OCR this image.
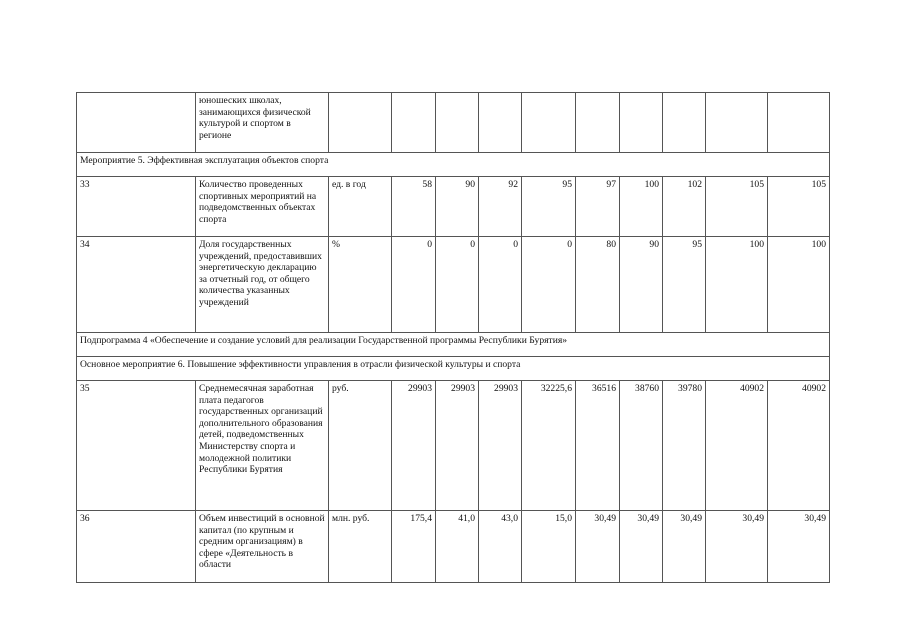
	юношеских школах, занимающихся физической культурой и спортом в регионе										
Мероприятие 5. Эффективная эксплуатация объектов спорта											
33	Количество проведенных спортивных мероприятий на подведомственных объектах спорта	ед. в год	58	90	92	95	97	100	102	105	105
34	Доля государственных учреждений, предоставивших энергетическую декларацию за отчетный год, от общего количества указанных учреждений	%	0	0	0	0	80	90	95	100	100
Подпрограмма 4 «Обеспечение и создание условий для реализации Государственной программы Республики Бурятия»											
Основное мероприятие 6. Повышение эффективности управления в отрасли физической культуры и спорта											
35	Среднемесячная заработная плата педагогов государственных организаций дополнительного образования детей, подведомственных Министерству спорта и молодежной политики Республики Бурятия	руб.	29903	29903	29903	32225,6	36516	38760	39780	40902	40902
36	Объем инвестиций в основной капитал (по крупным и средним организациям) в сфере «Деятельность в области	млн. руб.	175,4	41,0	43,0	15,0	30,49	30,49	30,49	30,49	30,49
